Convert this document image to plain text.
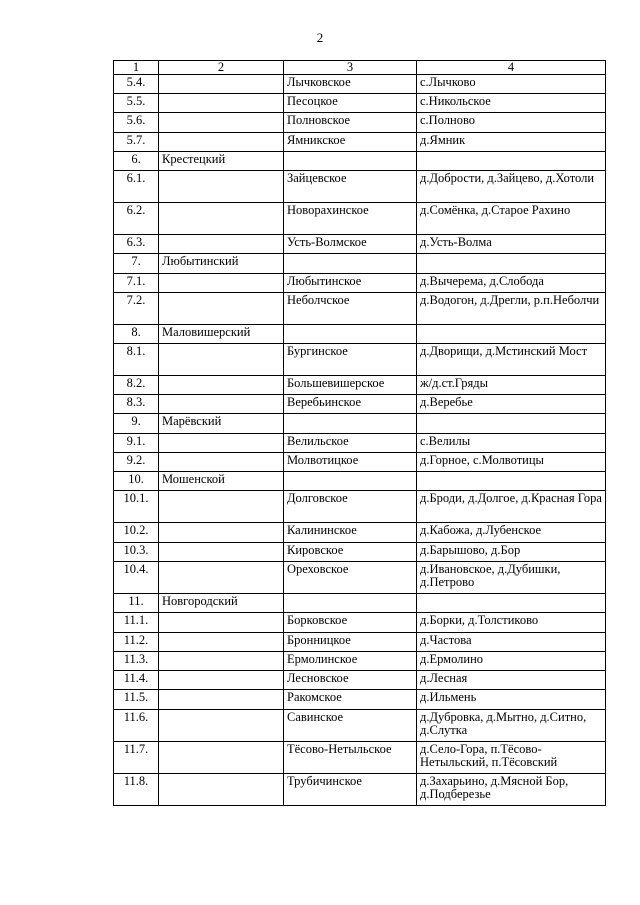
2
1	2	3	4
5.4.		Лычковское	с.Лычково
5.5.		Песоцкое	с.Никольское
5.6.		Полновское	с.Полново
5.7.		Ямникское	д.Ямник
6.	Крестецкий		
6.1.		Зайцевское	д.Добрости, д.Зайцево, д.Хотоли
6.2.		Новорахинское	д.Сомёнка, д.Старое Рахино
6.3.		Усть-Волмское	д.Усть-Волма
7.	Любытинский		
7.1.		Любытинское	д.Вычерема, д.Слобода
7.2.		Неболчское	д.Водогон, д.Дрегли, р.п.Неболчи
8.	Маловишерский		
8.1.		Бургинское	д.Дворищи, д.Мстинский Мост
8.2.		Большевишерское	ж/д.ст.Гряды
8.3.		Веребьинское	д.Веребье
9.	Марёвский		
9.1.		Велильское	с.Велилы
9.2.		Молвотицкое	д.Горное, с.Молвотицы
10.	Мошенской		
10.1.		Долговское	д.Броди, д.Долгое, д.Красная Гора
10.2.		Калининское	д.Кабожа, д.Лубенское
10.3.		Кировское	д.Барышово, д.Бор
10.4.		Ореховское	д.Ивановское, д.Дубишки, д.Петрово
11.	Новгородский		
11.1.		Борковское	д.Борки, д.Толстиково
11.2.		Бронницкое	д.Частова
11.3.		Ермолинское	д.Ермолино
11.4.		Лесновское	д.Лесная
11.5.		Ракомское	д.Ильмень
11.6.		Савинское	д.Дубровка, д.Мытно, д.Ситно, д.Слутка
11.7.		Тёсово-Нетыльское	д.Село-Гора, п.Тёсово-Нетыльский, п.Тёсовский
11.8.		Трубичинское	д.Захарьино, д.Мясной Бор, д.Подберезье
